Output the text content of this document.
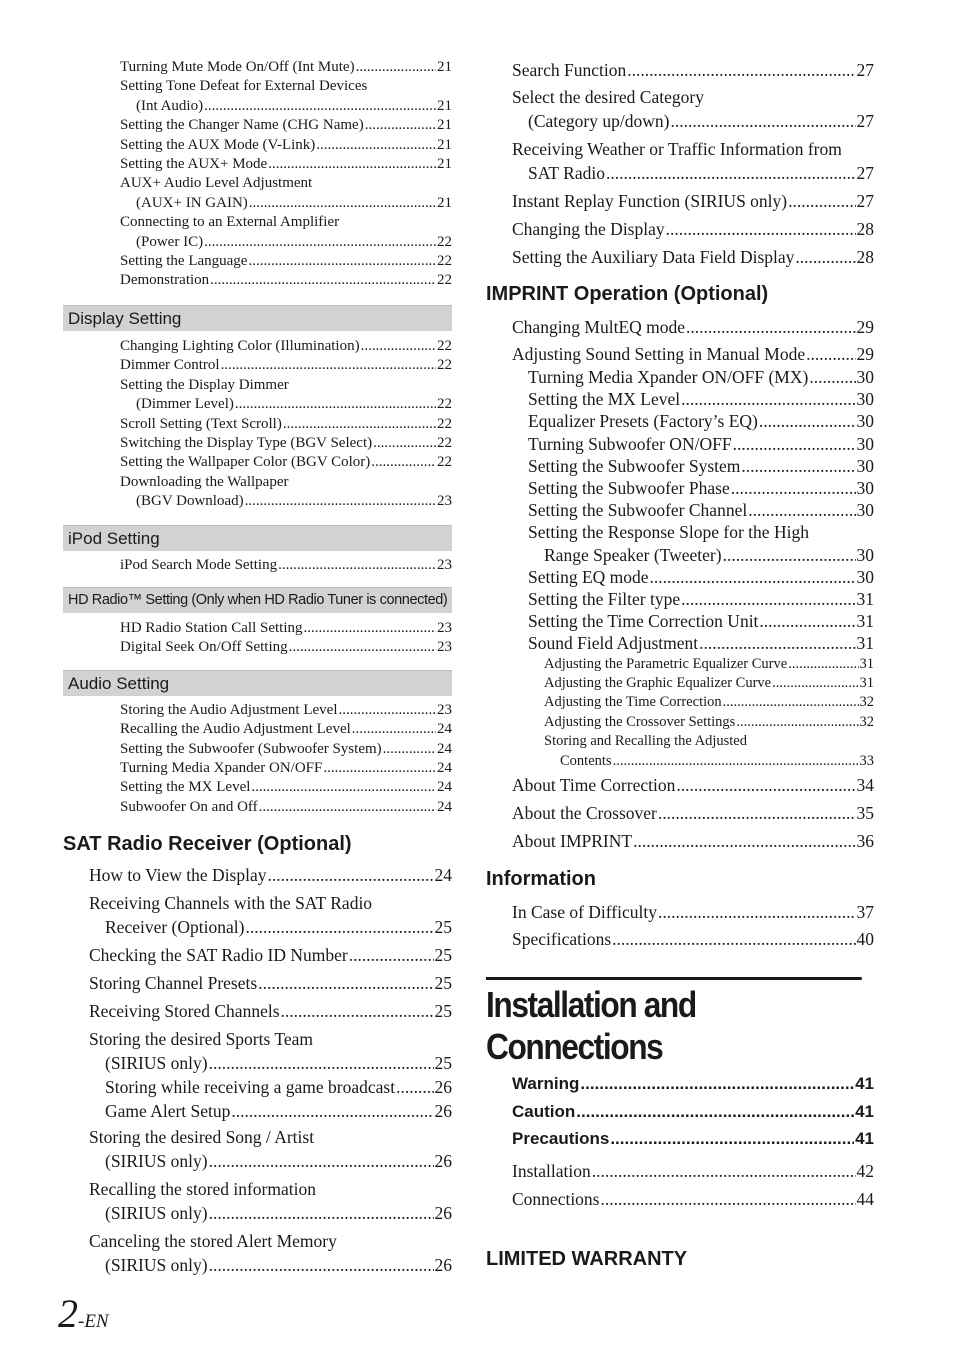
Turning Mute Mode On/Off (Int Mute) .....	21
Setting Tone Defeat for External Devices
(Int Audio) .....	21
Setting the Changer Name (CHG Name) .....	21
Setting the AUX Mode (V-Link) .....	21
Setting the AUX+ Mode .....	21
AUX+ Audio Level Adjustment
(AUX+ IN GAIN) .....	21
Connecting to an External Amplifier
(Power IC) .....	22
Setting the Language .....	22
Demonstration .....	22
Display Setting
Changing Lighting Color (Illumination) .....	22
Dimmer Control .....	22
Setting the Display Dimmer
(Dimmer Level) .....	22
Scroll Setting (Text Scroll) .....	22
Switching the Display Type (BGV Select) .....	22
Setting the Wallpaper Color (BGV Color) .....	22
Downloading the Wallpaper
(BGV Download) .....	23
iPod Setting
iPod Search Mode Setting .....	23
HD Radio™ Setting (Only when HD Radio Tuner is connected)
HD Radio Station Call Setting .....	23
Digital Seek On/Off Setting .....	23
Audio Setting
Storing the Audio Adjustment Level .....	23
Recalling the Audio Adjustment Level .....	24
Setting the Subwoofer (Subwoofer System) .....	24
Turning Media Xpander ON/OFF .....	24
Setting the MX Level .....	24
Subwoofer On and Off .....	24
SAT Radio Receiver (Optional)
How to View the Display .....	24
Receiving Channels with the SAT Radio
Receiver (Optional) .....	25
Checking the SAT Radio ID Number .....	25
Storing Channel Presets .....	25
Receiving Stored Channels .....	25
Storing the desired Sports Team
(SIRIUS only) .....	25
Storing while receiving a game broadcast ..... 26
Game Alert Setup .....	26
Storing the desired Song / Artist
(SIRIUS only) .....	26
Recalling the stored information
(SIRIUS only) .....	26
Canceling the stored Alert Memory
(SIRIUS only) .....	26
Search Function .....	27
Select the desired Category
(Category up/down) .....	27
Receiving Weather or Traffic Information from
SAT Radio .....	27
Instant Replay Function (SIRIUS only) .....	27
Changing the Display .....	28
Setting the Auxiliary Data Field Display .....	28
IMPRINT Operation (Optional)
Changing MultEQ mode .....	29
Adjusting Sound Setting in Manual Mode .....	29
Turning Media Xpander ON/OFF (MX) .....	30
Setting the MX Level .....	30
Equalizer Presets (Factory’s EQ) .....	30
Turning Subwoofer ON/OFF .....	30
Setting the Subwoofer System .....	30
Setting the Subwoofer Phase .....	30
Setting the Subwoofer Channel .....	30
Setting the Response Slope for the High
Range Speaker (Tweeter) .....	30
Setting EQ mode .....	30
Setting the Filter type .....	31
Setting the Time Correction Unit .....	31
Sound Field Adjustment .....	31
Adjusting the Parametric Equalizer Curve .....	31
Adjusting the Graphic Equalizer Curve .....	31
Adjusting the Time Correction .....	32
Adjusting the Crossover Settings .....	32
Storing and Recalling the Adjusted
Contents .....	33
About Time Correction .....	34
About the Crossover .....	35
About IMPRINT .....	36
Information
In Case of Difficulty .....	37
Specifications .....	40
Installation and Connections
Warning .....	41
Caution .....	41
Precautions .....	41
Installation .....	42
Connections .....	44
LIMITED WARRANTY
2-EN
